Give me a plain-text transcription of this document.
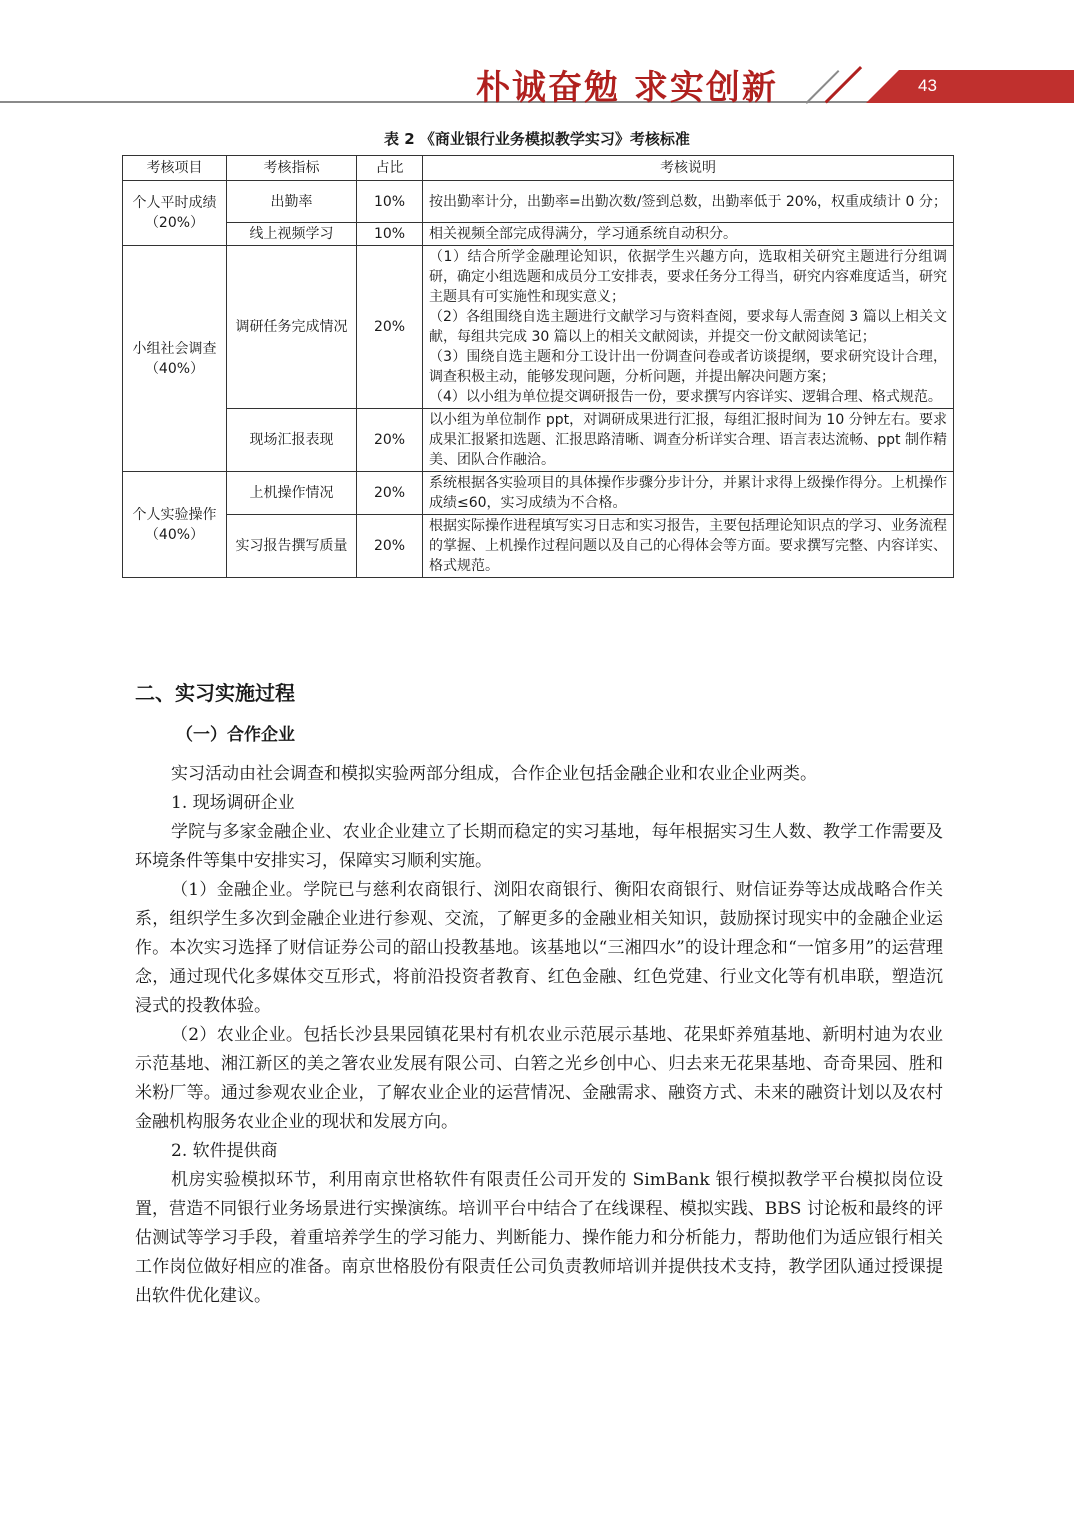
朴诚奋勉 求实创新	43
表 2 《商业银行业务模拟教学实习》考核标准
考核项目	考核指标	占比	考核说明
个人平时成绩（20%）	出勤率	10%	按出勤率计分，出勤率=出勤次数/签到总数，出勤率低于 20%，权重成绩计 0 分；

	线上视频学习	10%	相关视频全部完成得满分，学习通系统自动积分。

小组社会调查（40%）	调研任务完成情况	20%	（1）结合所学金融理论知识，依据学生兴趣方向，选取相关研究主题进行分组调研，确定小组选题和成员分工安排表，要求任务分工得当，研究内容难度适当，研究主题具有可实施性和现实意义；

（2）各组围绕自选主题进行文献学习与资料查阅，要求每人需查阅 3 篇以上相关文献，每组共完成 30 篇以上的相关文献阅读，并提交一份文献阅读笔记；

（3）围绕自选主题和分工设计出一份调查问卷或者访谈提纲，要求研究设计合理，调查积极主动，能够发现问题，分析问题，并提出解决问题方案；

（4）以小组为单位提交调研报告一份，要求撰写内容详实、逻辑合理、格式规范。

	现场汇报表现	20%	以小组为单位制作 ppt，对调研成果进行汇报，每组汇报时间为 10 分钟左右。要求成果汇报紧扣选题、汇报思路清晰、调查分析详实合理、语言表达流畅、ppt 制作精美、团队合作融洽。

个人实验操作（40%）	上机操作情况	20%	系统根据各实验项目的具体操作步骤分步计分，并累计求得上级操作得分。上机操作成绩≤60，实习成绩为不合格。

	实习报告撰写质量	20%	根据实际操作进程填写实习日志和实习报告，主要包括理论知识点的学习、业务流程的掌握、上机操作过程问题以及自己的心得体会等方面。要求撰写完整、内容详实、格式规范。

二、实习实施过程
（一）合作企业

实习活动由社会调查和模拟实验两部分组成，合作企业包括金融企业和农业企业两类。

1. 现场调研企业

学院与多家金融企业、农业企业建立了长期而稳定的实习基地，每年根据实习生人数、教学工作需要及环境条件等集中安排实习，保障实习顺利实施。

（1）金融企业。学院已与慈利农商银行、浏阳农商银行、衡阳农商银行、财信证券等达成战略合作关系，组织学生多次到金融企业进行参观、交流，了解更多的金融业相关知识，鼓励探讨现实中的金融企业运作。本次实习选择了财信证券公司的韶山投教基地。该基地以“三湘四水”的设计理念和“一馆多用”的运营理念，通过现代化多媒体交互形式，将前沿投资者教育、红色金融、红色党建、行业文化等有机串联，塑造沉浸式的投教体验。

（2）农业企业。包括长沙县果园镇花果村有机农业示范展示基地、花果虾养殖基地、新明村迪为农业示范基地、湘江新区的美之箸农业发展有限公司、白箬之光乡创中心、归去来无花果基地、奇奇果园、胜和米粉厂等。通过参观农业企业，了解农业企业的运营情况、金融需求、融资方式、未来的融资计划以及农村金融机构服务农业企业的现状和发展方向。

2. 软件提供商

机房实验模拟环节，利用南京世格软件有限责任公司开发的 SimBank 银行模拟教学平台模拟岗位设置，营造不同银行业务场景进行实操演练。培训平台中结合了在线课程、模拟实践、BBS 讨论板和最终的评估测试等学习手段，着重培养学生的学习能力、判断能力、操作能力和分析能力，帮助他们为适应银行相关工作岗位做好相应的准备。南京世格股份有限责任公司负责教师培训并提供技术支持，教学团队通过授课提出软件优化建议。
